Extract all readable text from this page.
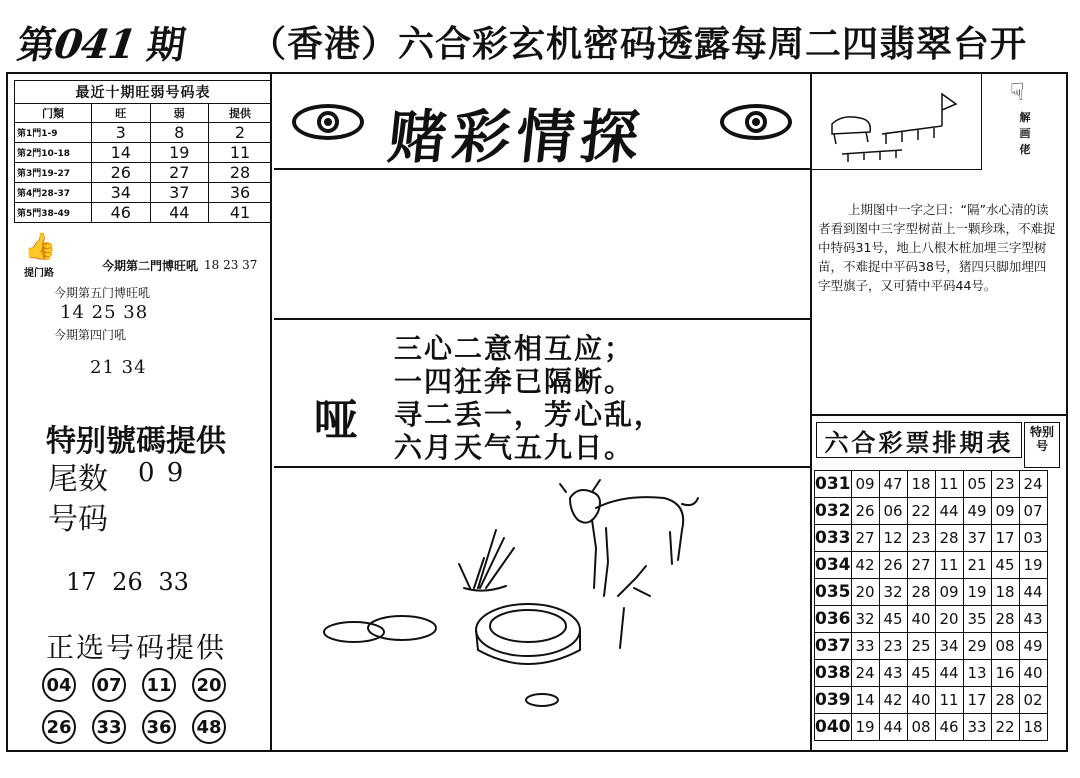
第041 期 （香港）六合彩玄机密码透露每周二四翡翠台开
最近十期旺弱号码表
门類	旺	弱	提供
第1門1-9	3	8	2
第2門10-18	14	19	11
第3門19-27	26	27	28
第4門28-37	34	37	36
第5門38-49	46	44	41
👍
提门路
今期第二門博旺吼 18 23 37
今期第五门博旺吼
14 25 38
今期第四门吼
21 34
特别號碼提供
尾数 0 9
号码
17 26 33
正选号码提供
04 07 11 20
26 33 36 48
赌彩情探
哑
三心二意相互应；
一四狂奔已隔断。
寻二丢一，芳心乱，
六月天气五九日。
☟
解画佬
上期图中一字之曰：“隔”水心清的读者看到图中三字型树苗上一颗珍珠，不难捉中特码31号，地上八根木桩加埋三字型树苗，不难捉中平码38号，猪四只脚加埋四字型旗子，又可猜中平码44号。
六合彩票排期表	特别号
031	09	47	18	11	05	23	24
032	26	06	22	44	49	09	07
033	27	12	23	28	37	17	03
034	42	26	27	11	21	45	19
035	20	32	28	09	19	18	44
036	32	45	40	20	35	28	43
037	33	23	25	34	29	08	49
038	24	43	45	44	13	16	40
039	14	42	40	11	17	28	02
040	19	44	08	46	33	22	18
